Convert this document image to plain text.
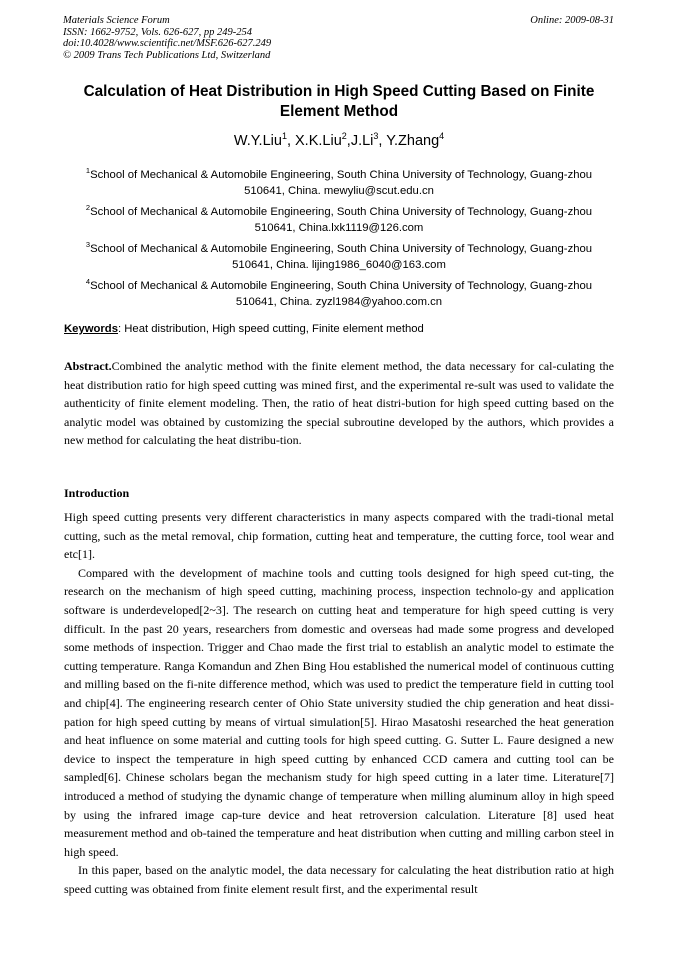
Materials Science Forum
ISSN: 1662-9752, Vols. 626-627, pp 249-254
doi:10.4028/www.scientific.net/MSF.626-627.249
© 2009 Trans Tech Publications Ltd, Switzerland
Online: 2009-08-31
Calculation of Heat Distribution in High Speed Cutting Based on Finite Element Method
W.Y.Liu$^1$, X.K.Liu$^2$,J.Li$^3$, Y.Zhang$^4$
$^1$School of Mechanical & Automobile Engineering, South China University of Technology, Guang-zhou 510641, China. mewyliu@scut.edu.cn
$^2$School of Mechanical & Automobile Engineering, South China University of Technology, Guang-zhou 510641, China.lxk1119@126.com
$^3$School of Mechanical & Automobile Engineering, South China University of Technology, Guang-zhou 510641, China. lijing1986_6040@163.com
$^4$School of Mechanical & Automobile Engineering, South China University of Technology, Guang-zhou 510641, China. zyzl1984@yahoo.com.cn
Keywords: Heat distribution, High speed cutting, Finite element method
Abstract.Combined the analytic method with the finite element method, the data necessary for cal-culating the heat distribution ratio for high speed cutting was mined first, and the experimental re-sult was used to validate the authenticity of finite element modeling. Then, the ratio of heat distri-bution for high speed cutting based on the analytic model was obtained by customizing the special subroutine developed by the authors, which provides a new method for calculating the heat distribu-tion.
Introduction

High speed cutting presents very different characteristics in many aspects compared with the tradi-tional metal cutting, such as the metal removal, chip formation, cutting heat and temperature, the cutting force, tool wear and etc[1].

Compared with the development of machine tools and cutting tools designed for high speed cut-ting, the research on the mechanism of high speed cutting, machining process, inspection technolo-gy and application software is underdeveloped[2~3]. The research on cutting heat and temperature for high speed cutting is very difficult. In the past 20 years, researchers from domestic and overseas had made some progress and developed some methods of inspection. Trigger and Chao made the first trial to establish an analytic model to estimate the cutting temperature. Ranga Komandun and Zhen Bing Hou established the numerical model of continuous cutting and milling based on the fi-nite difference method, which was used to predict the temperature field in cutting tool and chip[4]. The engineering research center of Ohio State university studied the chip generation and heat dissi-pation for high speed cutting by means of virtual simulation[5]. Hirao Masatoshi researched the heat generation and heat influence on some material and cutting tools for high speed cutting. G. Sutter L. Faure designed a new device to inspect the temperature in high speed cutting by enhanced CCD camera and cutting tool can be sampled[6]. Chinese scholars began the mechanism study for high speed cutting in a later time. Literature[7] introduced a method of studying the dynamic change of temperature when milling aluminum alloy in high speed by using the infrared image cap-ture device and heat retroversion calculation. Literature [8] used heat measurement method and ob-tained the temperature and heat distribution when cutting and milling carbon steel in high speed.

In this paper, based on the analytic model, the data necessary for calculating the heat distribution ratio at high speed cutting was obtained from finite element result first, and the experimental result
